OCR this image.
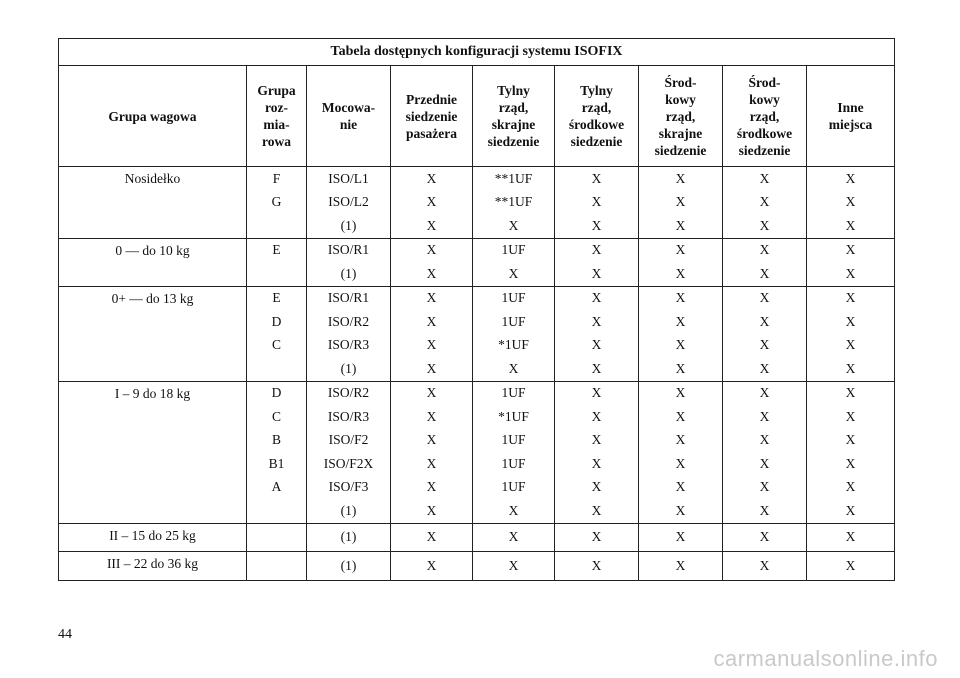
Tabela dostępnych konfiguracji systemu ISOFIX								
Grupa wagowa	Grupa
roz-
mia-
rowa	Mocowa-
nie	Przednie
siedzenie
pasażera	Tylny
rząd,
skrajne
siedzenie	Tylny
rząd,
środkowe
siedzenie	Środ-
kowy
rząd,
skrajne
siedzenie	Środ-
kowy
rząd,
środkowe
siedzenie	Inne
miejsca
Nosidełko	F	ISO/L1	X	**1UF	X	X	X	X
	G	ISO/L2	X	**1UF	X	X	X	X
		(1)	X	X	X	X	X	X
0 — do 10 kg	E	ISO/R1	X	1UF	X	X	X	X
		(1)	X	X	X	X	X	X
0+ — do 13 kg	E	ISO/R1	X	1UF	X	X	X	X
	D	ISO/R2	X	1UF	X	X	X	X
	C	ISO/R3	X	*1UF	X	X	X	X
		(1)	X	X	X	X	X	X
I – 9 do 18 kg	D	ISO/R2	X	1UF	X	X	X	X
	C	ISO/R3	X	*1UF	X	X	X	X
	B	ISO/F2	X	1UF	X	X	X	X
	B1	ISO/F2X	X	1UF	X	X	X	X
	A	ISO/F3	X	1UF	X	X	X	X
		(1)	X	X	X	X	X	X
II – 15 do 25 kg		(1)	X	X	X	X	X	X
III – 22 do 36 kg		(1)	X	X	X	X	X	X
44
carmanualsonline.info
